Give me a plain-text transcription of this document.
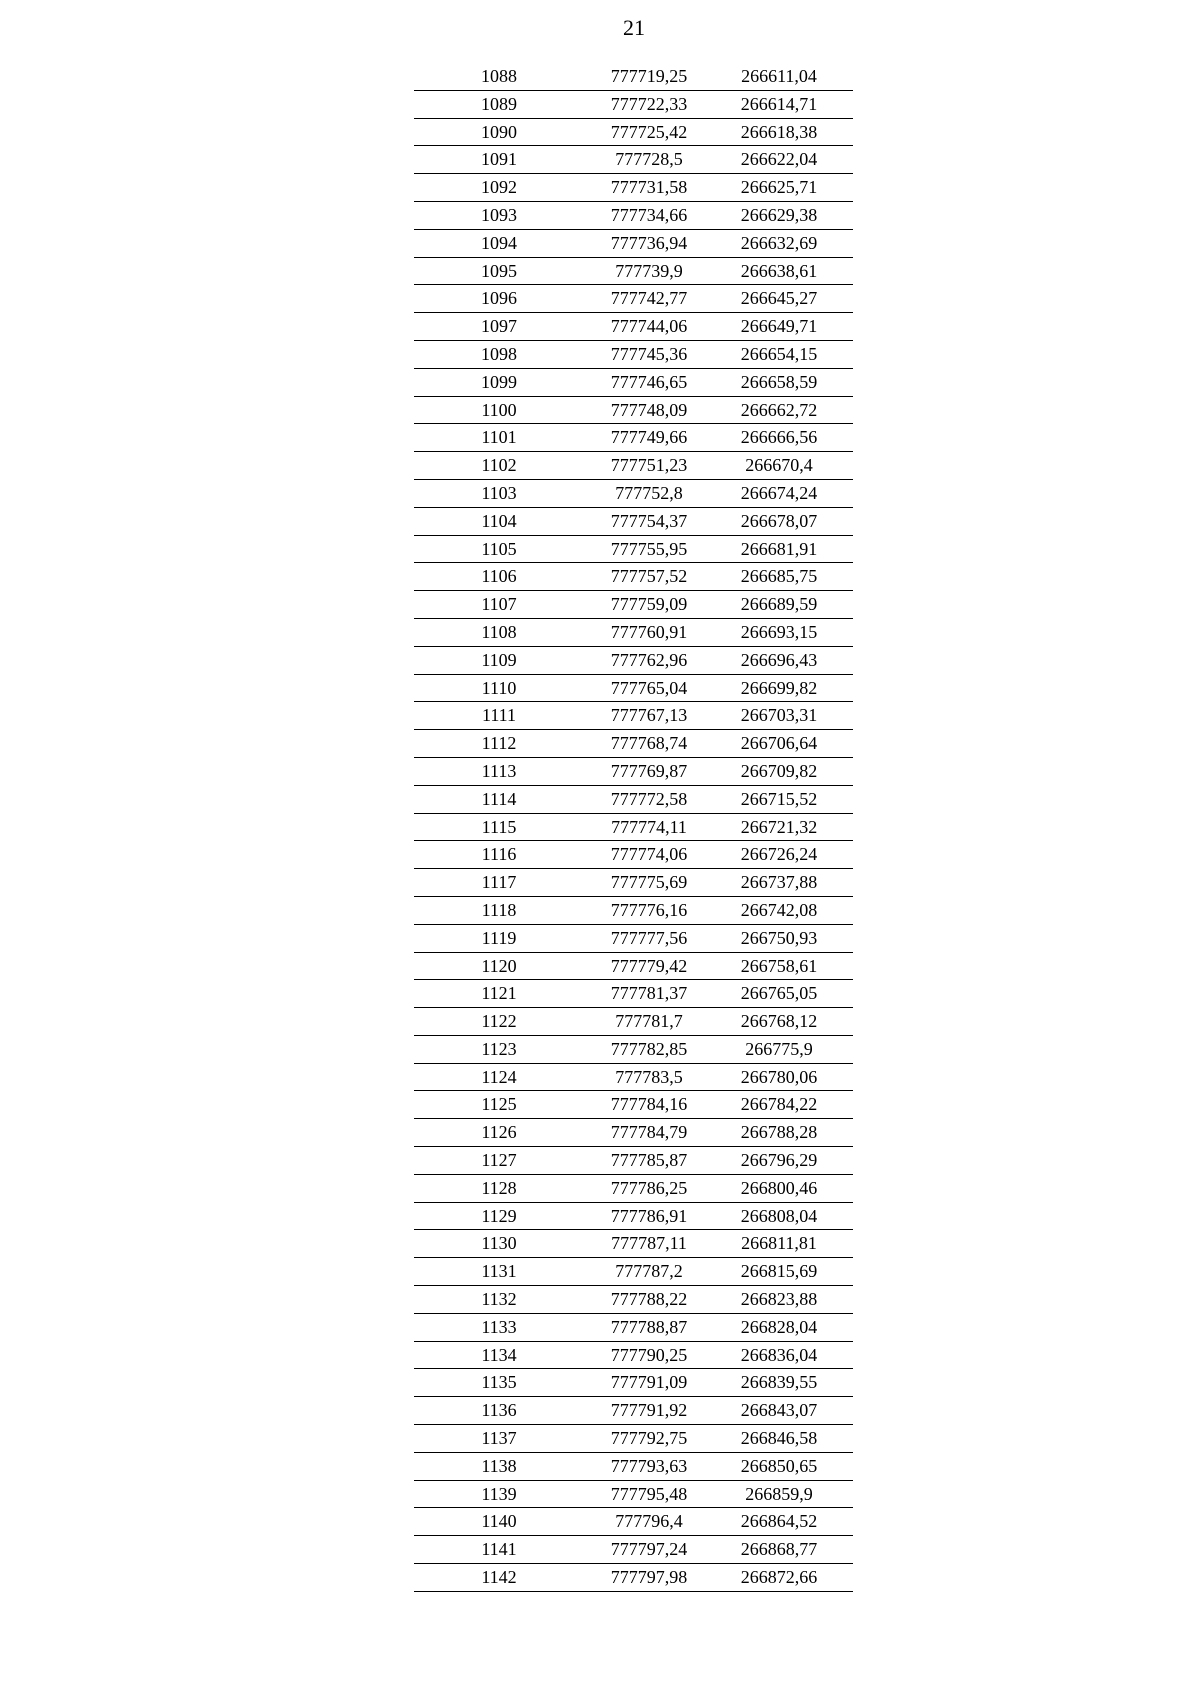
21
1088	777719,25	266611,04
1089	777722,33	266614,71
1090	777725,42	266618,38
1091	777728,5	266622,04
1092	777731,58	266625,71
1093	777734,66	266629,38
1094	777736,94	266632,69
1095	777739,9	266638,61
1096	777742,77	266645,27
1097	777744,06	266649,71
1098	777745,36	266654,15
1099	777746,65	266658,59
1100	777748,09	266662,72
1101	777749,66	266666,56
1102	777751,23	266670,4
1103	777752,8	266674,24
1104	777754,37	266678,07
1105	777755,95	266681,91
1106	777757,52	266685,75
1107	777759,09	266689,59
1108	777760,91	266693,15
1109	777762,96	266696,43
1110	777765,04	266699,82
1111	777767,13	266703,31
1112	777768,74	266706,64
1113	777769,87	266709,82
1114	777772,58	266715,52
1115	777774,11	266721,32
1116	777774,06	266726,24
1117	777775,69	266737,88
1118	777776,16	266742,08
1119	777777,56	266750,93
1120	777779,42	266758,61
1121	777781,37	266765,05
1122	777781,7	266768,12
1123	777782,85	266775,9
1124	777783,5	266780,06
1125	777784,16	266784,22
1126	777784,79	266788,28
1127	777785,87	266796,29
1128	777786,25	266800,46
1129	777786,91	266808,04
1130	777787,11	266811,81
1131	777787,2	266815,69
1132	777788,22	266823,88
1133	777788,87	266828,04
1134	777790,25	266836,04
1135	777791,09	266839,55
1136	777791,92	266843,07
1137	777792,75	266846,58
1138	777793,63	266850,65
1139	777795,48	266859,9
1140	777796,4	266864,52
1141	777797,24	266868,77
1142	777797,98	266872,66
